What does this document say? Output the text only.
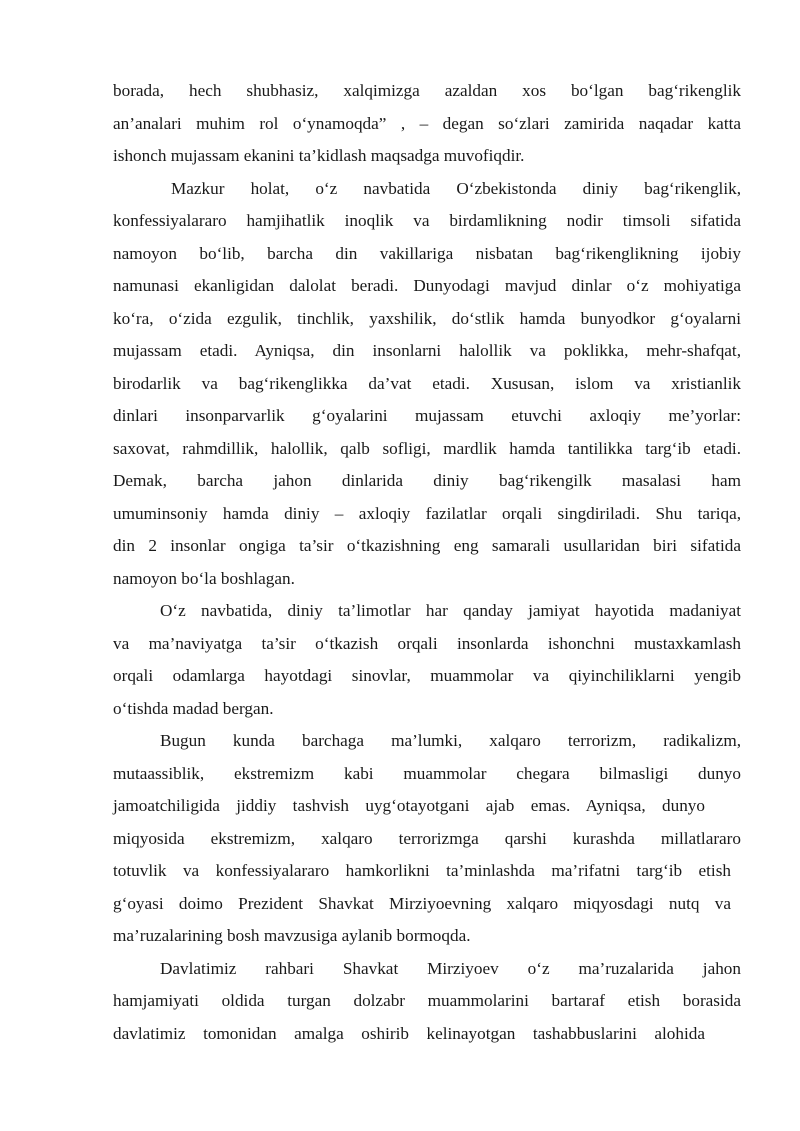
borada, hech shubhasiz, xalqimizga azaldan xos bo‘lgan bag‘rikenglik
an’analari muhim rol o‘ynamoqda” , – degan so‘zlari zamirida naqadar katta
ishonch mujassam ekanini ta’kidlash maqsadga muvofiqdir.
Mazkur holat, o‘z navbatida O‘zbekistonda diniy bag‘rikenglik,
konfessiyalararo hamjihatlik inoqlik va birdamlikning nodir timsoli sifatida
namoyon bo‘lib, barcha din vakillariga nisbatan bag‘rikenglikning ijobiy
namunasi ekanligidan dalolat beradi. Dunyodagi mavjud dinlar o‘z mohiyatiga
ko‘ra, o‘zida ezgulik, tinchlik, yaxshilik, do‘stlik hamda bunyodkor g‘oyalarni
mujassam etadi. Ayniqsa, din insonlarni halollik va poklikka, mehr-shafqat,
birodarlik va bag‘rikenglikka da’vat etadi. Xususan, islom va xristianlik
dinlari insonparvarlik g‘oyalarini mujassam etuvchi axloqiy me’yorlar:
saxovat, rahmdillik, halollik, qalb sofligi, mardlik hamda tantilikka targ‘ib etadi.
Demak, barcha jahon dinlarida diniy bag‘rikengilk masalasi ham
umuminsoniy hamda diniy – axloqiy fazilatlar orqali singdiriladi. Shu tariqa,
din 2 insonlar ongiga ta’sir o‘tkazishning eng samarali usullaridan biri sifatida
namoyon bo‘la boshlagan.
O‘z navbatida, diniy ta’limotlar har qanday jamiyat hayotida madaniyat
va ma’naviyatga ta’sir o‘tkazish orqali insonlarda ishonchni mustaxkamlash
orqali odamlarga hayotdagi sinovlar, muammolar va qiyinchiliklarni yengib
o‘tishda madad bergan.
Bugun kunda barchaga ma’lumki, xalqaro terrorizm, radikalizm,
mutaassiblik, ekstremizm kabi muammolar chegara bilmasligi dunyo
jamoatchiligida jiddiy tashvish uyg‘otayotgani ajab emas. Ayniqsa, dunyo
miqyosida ekstremizm, xalqaro terrorizmga qarshi kurashda millatlararo
totuvlik va konfessiyalararo hamkorlikni ta’minlashda ma’rifatni targ‘ib etish
g‘oyasi doimo Prezident Shavkat Mirziyoevning xalqaro miqyosdagi nutq va
ma’ruzalarining bosh mavzusiga aylanib bormoqda.
Davlatimiz rahbari Shavkat Mirziyoev o‘z ma’ruzalarida jahon
hamjamiyati oldida turgan dolzabr muammolarini bartaraf etish borasida
davlatimiz tomonidan amalga oshirib kelinayotgan tashabbuslarini alohida
